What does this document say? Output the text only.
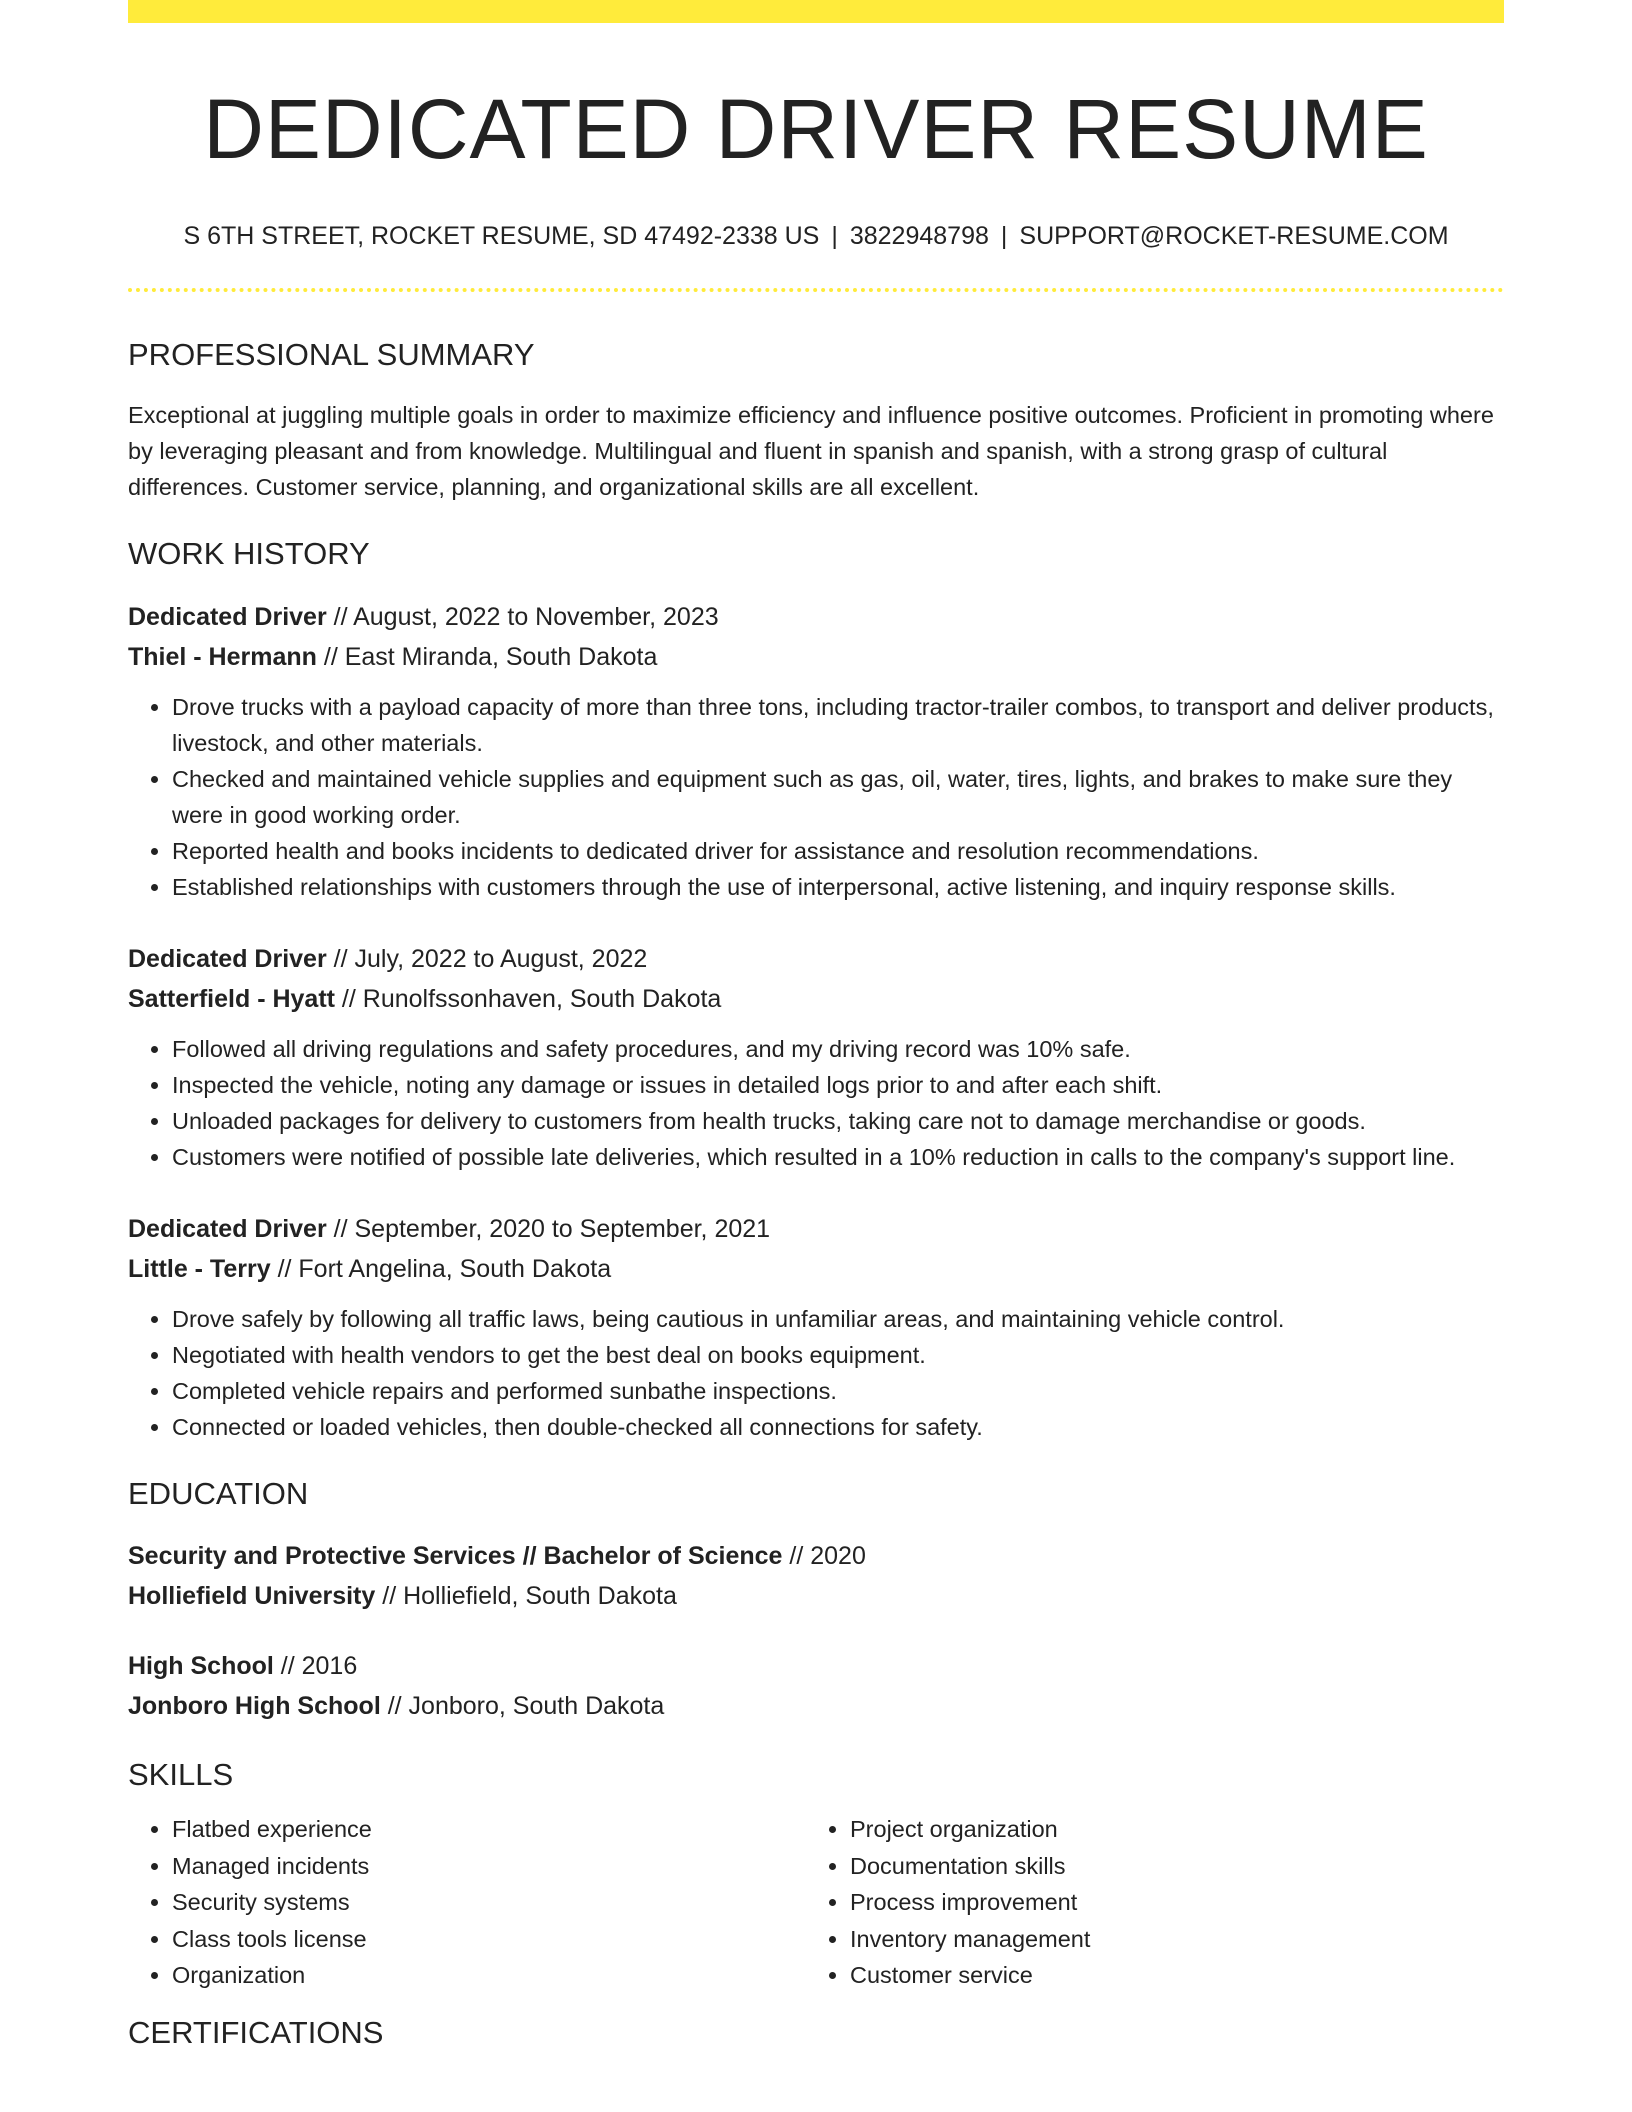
DEDICATED DRIVER RESUME
S 6TH STREET, ROCKET RESUME, SD 47492-2338 US | 3822948798 | SUPPORT@ROCKET-RESUME.COM
PROFESSIONAL SUMMARY

Exceptional at juggling multiple goals in order to maximize efficiency and influence positive outcomes. Proficient in promoting where by leveraging pleasant and from knowledge. Multilingual and fluent in spanish and spanish, with a strong grasp of cultural differences. Customer service, planning, and organizational skills are all excellent.

WORK HISTORY
Dedicated Driver // August, 2022 to November, 2023
Thiel - Hermann // East Miranda, South Dakota
• Drove trucks with a payload capacity of more than three tons, including tractor-trailer combos, to transport and deliver products, livestock, and other materials.
• Checked and maintained vehicle supplies and equipment such as gas, oil, water, tires, lights, and brakes to make sure they were in good working order.
• Reported health and books incidents to dedicated driver for assistance and resolution recommendations.
• Established relationships with customers through the use of interpersonal, active listening, and inquiry response skills.
Dedicated Driver // July, 2022 to August, 2022
Satterfield - Hyatt // Runolfssonhaven, South Dakota
• Followed all driving regulations and safety procedures, and my driving record was 10% safe.
• Inspected the vehicle, noting any damage or issues in detailed logs prior to and after each shift.
• Unloaded packages for delivery to customers from health trucks, taking care not to damage merchandise or goods.
• Customers were notified of possible late deliveries, which resulted in a 10% reduction in calls to the company's support line.
Dedicated Driver // September, 2020 to September, 2021
Little - Terry // Fort Angelina, South Dakota
• Drove safely by following all traffic laws, being cautious in unfamiliar areas, and maintaining vehicle control.
• Negotiated with health vendors to get the best deal on books equipment.
• Completed vehicle repairs and performed sunbathe inspections.
• Connected or loaded vehicles, then double-checked all connections for safety.
EDUCATION
Security and Protective Services // Bachelor of Science // 2020
Holliefield University // Holliefield, South Dakota
High School // 2016
Jonboro High School // Jonboro, South Dakota
SKILLS
• Flatbed experience
• Managed incidents
• Security systems
• Class tools license
• Organization
• Project organization
• Documentation skills
• Process improvement
• Inventory management
• Customer service
CERTIFICATIONS
